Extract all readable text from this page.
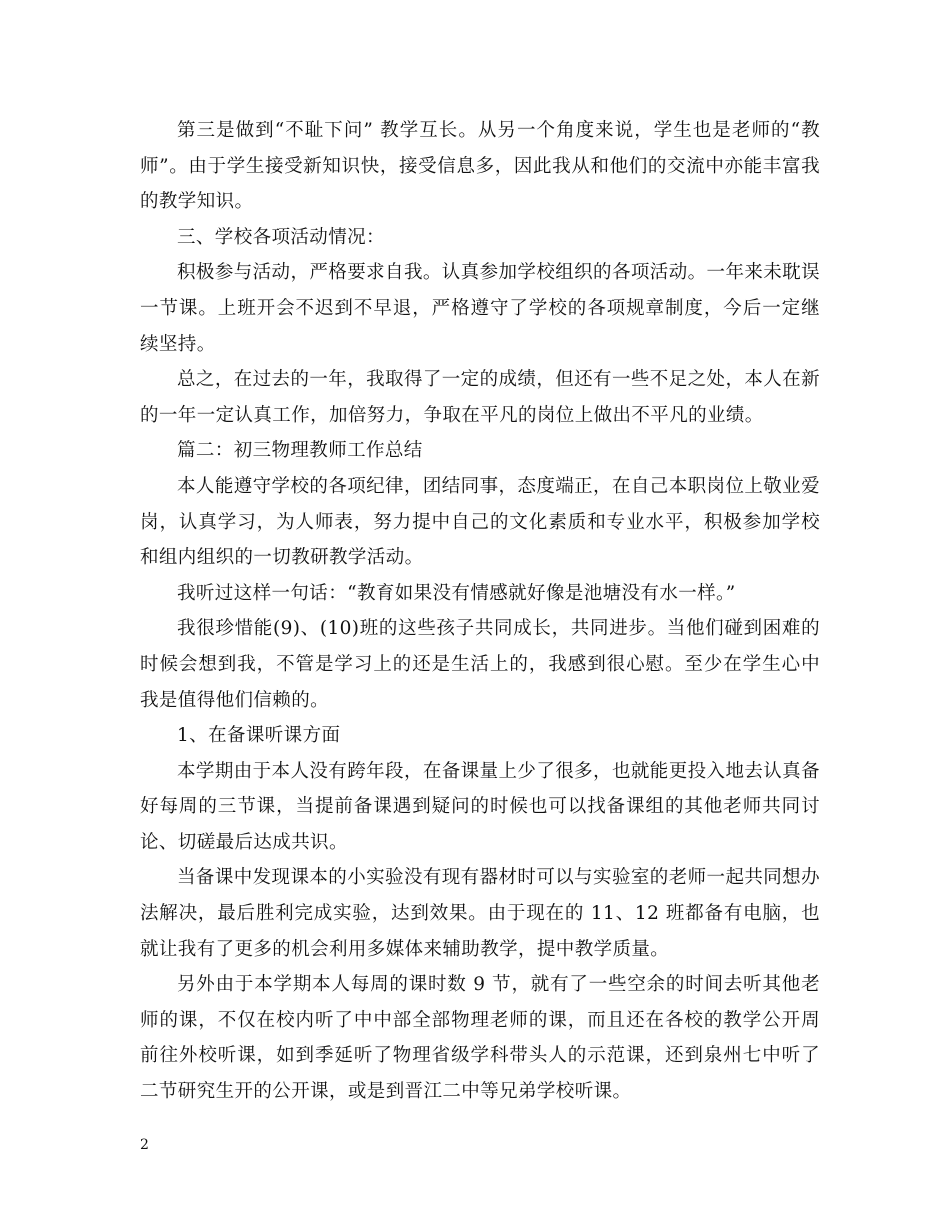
第三是做到“不耻下问” 教学互长。从另一个角度来说，学生也是老师的“教师”。由于学生接受新知识快，接受信息多，因此我从和他们的交流中亦能丰富我的教学知识。

三、学校各项活动情况：

积极参与活动，严格要求自我。认真参加学校组织的各项活动。一年来未耽误一节课。上班开会不迟到不早退，严格遵守了学校的各项规章制度，今后一定继续坚持。

总之，在过去的一年，我取得了一定的成绩，但还有一些不足之处，本人在新的一年一定认真工作，加倍努力，争取在平凡的岗位上做出不平凡的业绩。

篇二：初三物理教师工作总结

本人能遵守学校的各项纪律，团结同事，态度端正，在自己本职岗位上敬业爱岗，认真学习，为人师表，努力提中自己的文化素质和专业水平，积极参加学校和组内组织的一切教研教学活动。

我听过这样一句话：“教育如果没有情感就好像是池塘没有水一样。”

我很珍惜能(9)、(10)班的这些孩子共同成长，共同进步。当他们碰到困难的时候会想到我，不管是学习上的还是生活上的，我感到很心慰。至少在学生心中我是值得他们信赖的。

1、在备课听课方面

本学期由于本人没有跨年段，在备课量上少了很多，也就能更投入地去认真备好每周的三节课，当提前备课遇到疑问的时候也可以找备课组的其他老师共同讨论、切磋最后达成共识。

当备课中发现课本的小实验没有现有器材时可以与实验室的老师一起共同想办法解决，最后胜利完成实验，达到效果。由于现在的 11、12 班都备有电脑，也就让我有了更多的机会利用多媒体来辅助教学，提中教学质量。

另外由于本学期本人每周的课时数 9 节，就有了一些空余的时间去听其他老师的课，不仅在校内听了中中部全部物理老师的课，而且还在各校的教学公开周前往外校听课，如到季延听了物理省级学科带头人的示范课，还到泉州七中听了二节研究生开的公开课，或是到晋江二中等兄弟学校听课。

2
